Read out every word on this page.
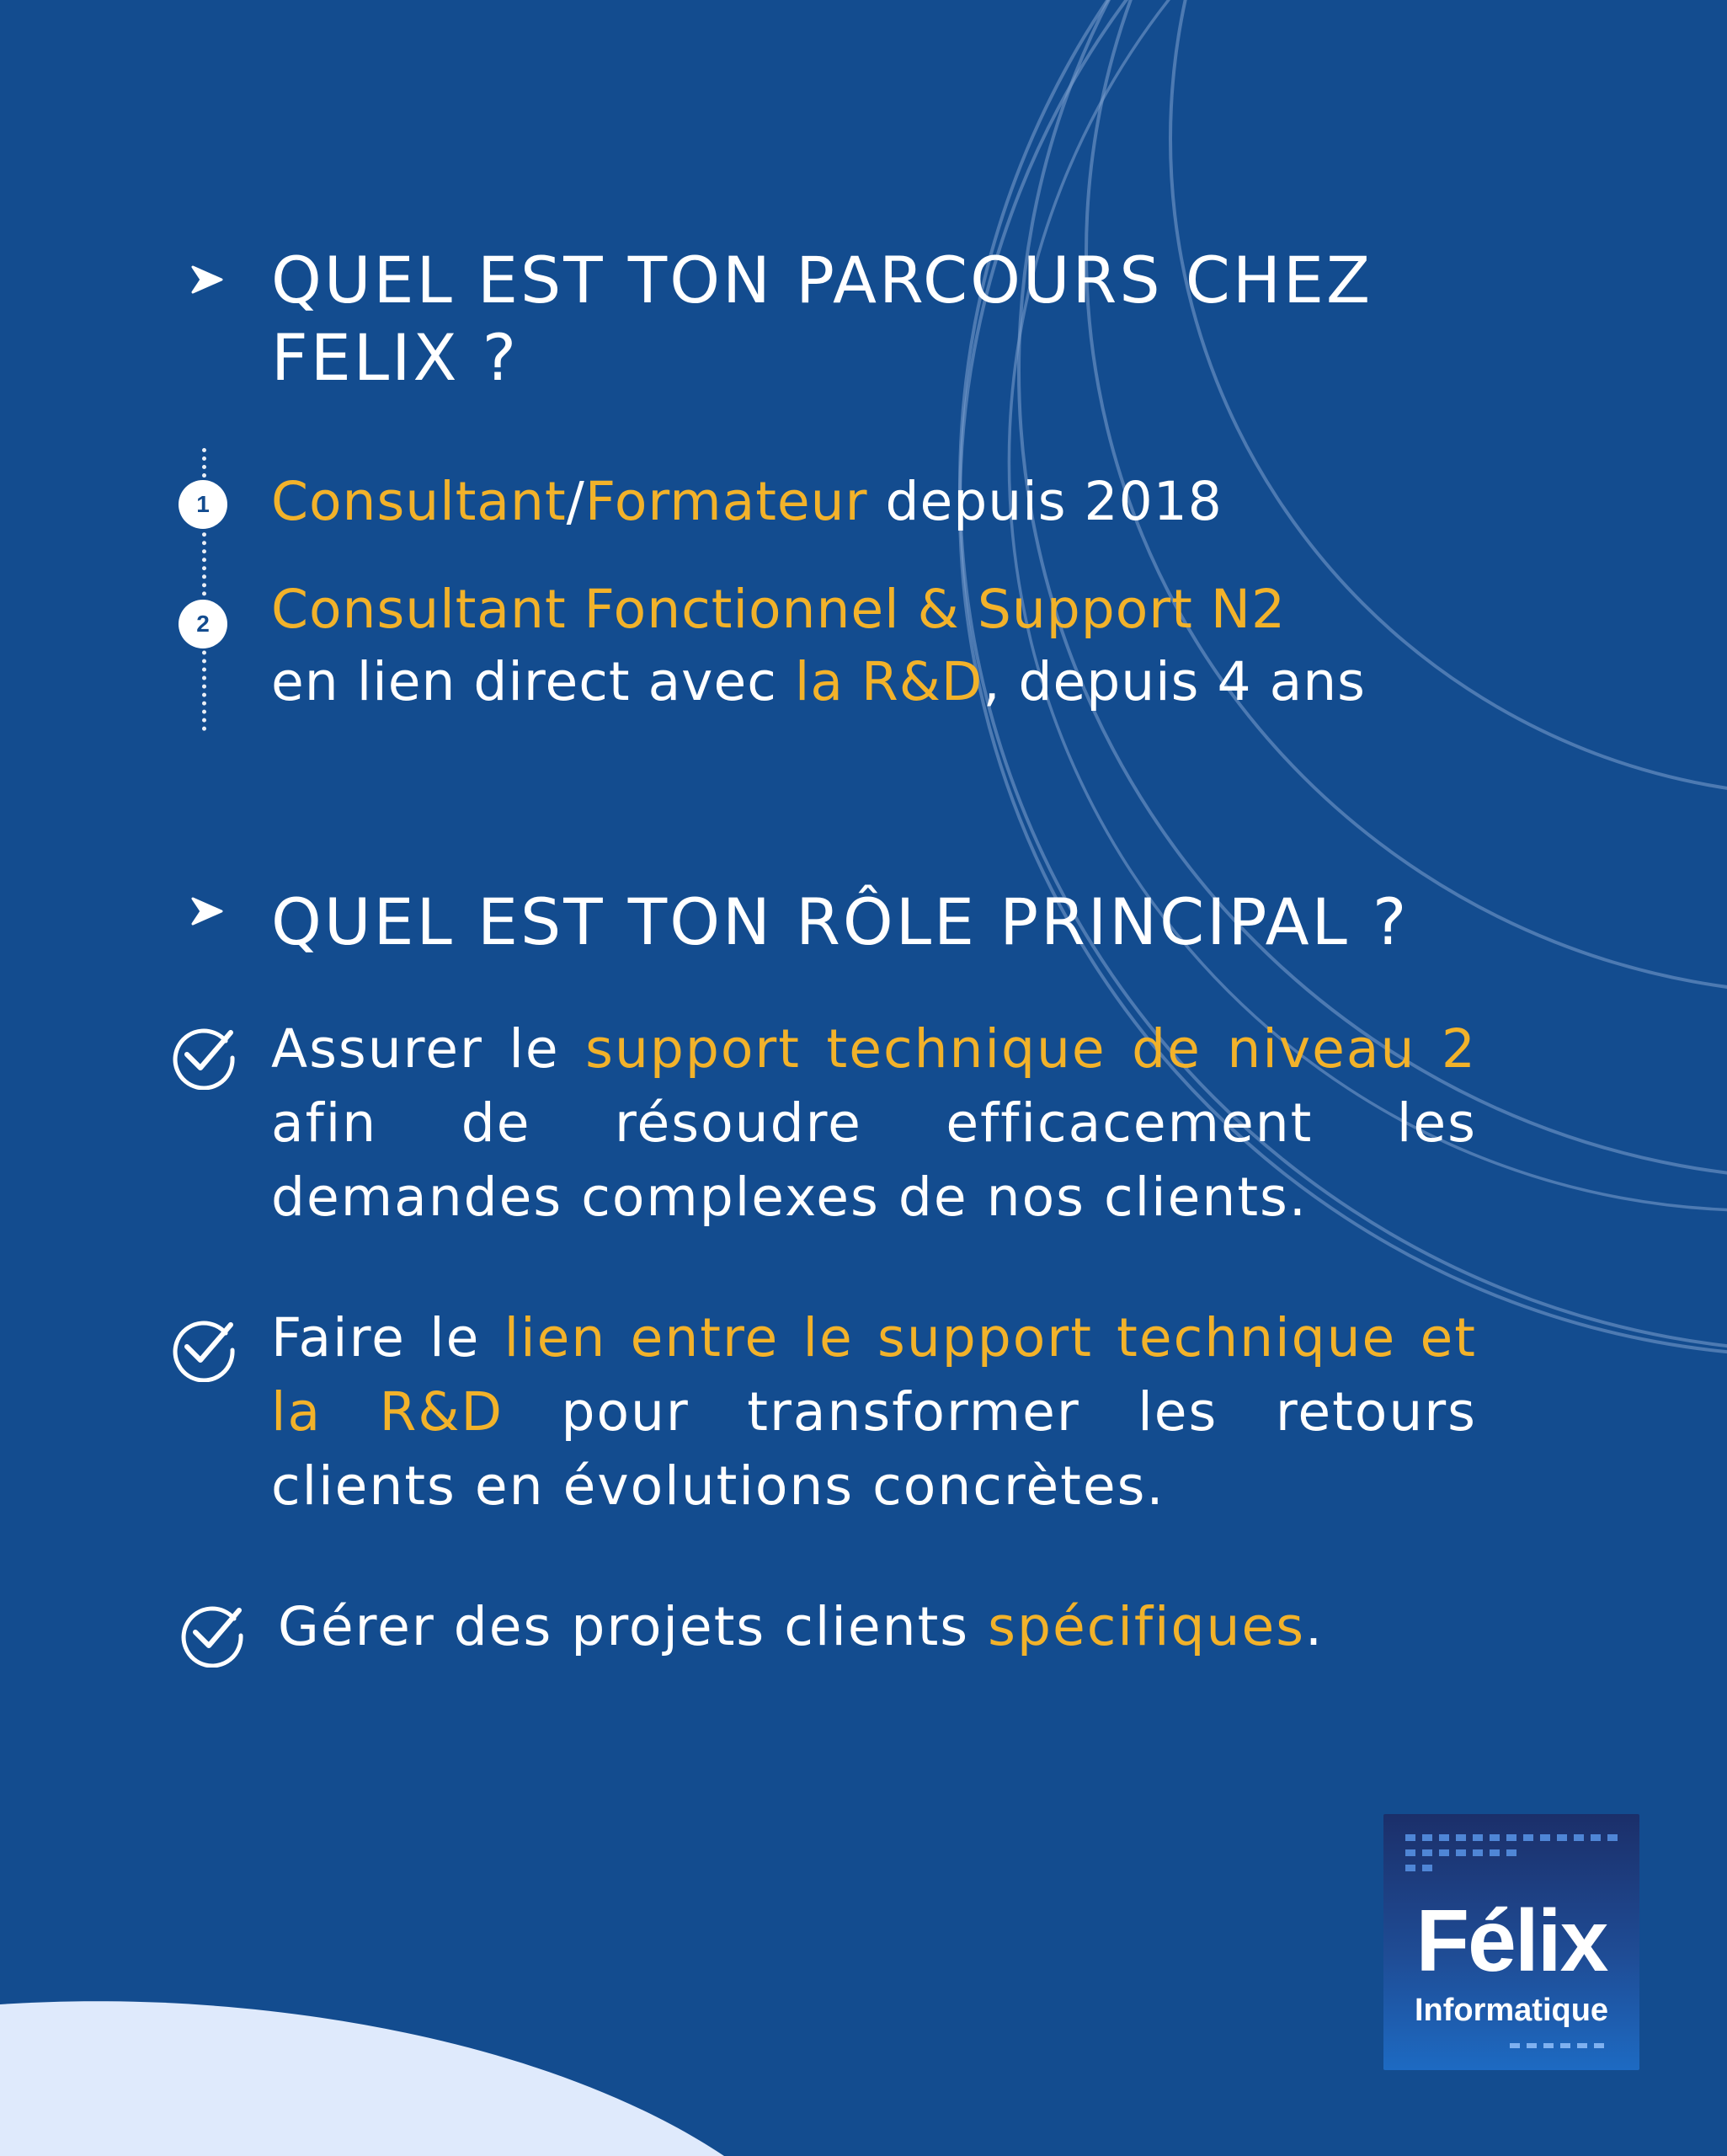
QUEL EST TON PARCOURS CHEZ
FELIX ?
1	Consultant/Formateur depuis 2018
2	Consultant Fonctionnel & Support N2
en lien direct avec la R&D, depuis 4 ans
QUEL EST TON RÔLE PRINCIPAL ?
Assurer le support technique de niveau 2 afin de résoudre efficacement les demandes complexes de nos clients.
Faire le lien entre le support technique et la R&D pour transformer les retours clients en évolutions concrètes.
Gérer des projets clients spécifiques.
Félix
Informatique
